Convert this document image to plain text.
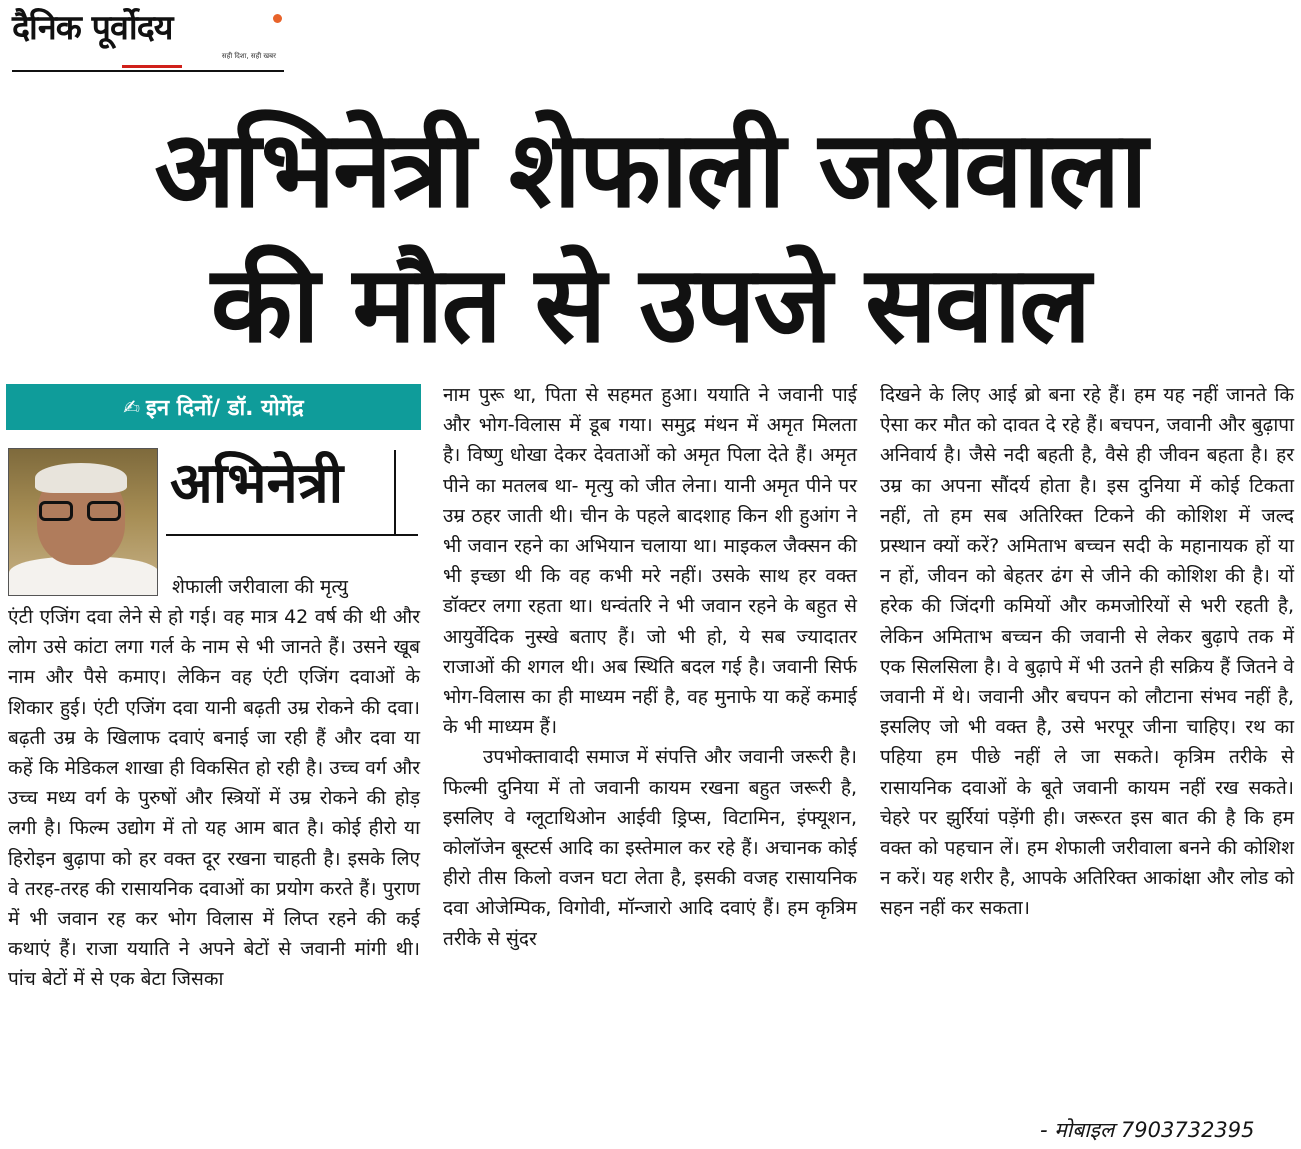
दैनिक पूर्वोदय
सही दिशा, सही खबर
अभिनेत्री शेफाली जरीवाला
की मौत से उपजे सवाल
✍ इन दिनों/ डॉ. योगेंद्र
अभिनेत्री

शेफाली जरीवाला की मृत्यु

एंटी एजिंग दवा लेने से हो गई। वह मात्र 42 वर्ष की थी और लोग उसे कांटा लगा गर्ल के नाम से भी जानते हैं। उसने खूब नाम और पैसे कमाए। लेकिन वह एंटी एजिंग दवाओं के शिकार हुई। एंटी एजिंग दवा यानी बढ़ती उम्र रोकने की दवा। बढ़ती उम्र के खिलाफ दवाएं बनाई जा रही हैं और दवा या कहें कि मेडिकल शाखा ही विकसित हो रही है। उच्च वर्ग और उच्च मध्य वर्ग के पुरुषों और स्त्रियों में उम्र रोकने की होड़ लगी है। फिल्म उद्योग में तो यह आम बात है। कोई हीरो या हिरोइन बुढ़ापा को हर वक्त दूर रखना चाहती है। इसके लिए वे तरह-तरह की रासायनिक दवाओं का प्रयोग करते हैं। पुराण में भी जवान रह कर भोग विलास में लिप्त रहने की कई कथाएं हैं। राजा ययाति ने अपने बेटों से जवानी मांगी थी। पांच बेटों में से एक बेटा जिसका

नाम पुरू था, पिता से सहमत हुआ। ययाति ने जवानी पाई और भोग-विलास में डूब गया। समुद्र मंथन में अमृत मिलता है। विष्णु धोखा देकर देवताओं को अमृत पिला देते हैं। अमृत पीने का मतलब था- मृत्यु को जीत लेना। यानी अमृत पीने पर उम्र ठहर जाती थी। चीन के पहले बादशाह किन शी हुआंग ने भी जवान रहने का अभियान चलाया था। माइकल जैक्सन की भी इच्छा थी कि वह कभी मरे नहीं। उसके साथ हर वक्त डॉक्टर लगा रहता था। धन्वंतरि ने भी जवान रहने के बहुत से आयुर्वेदिक नुस्खे बताए हैं। जो भी हो, ये सब ज्यादातर राजाओं की शगल थी। अब स्थिति बदल गई है। जवानी सिर्फ भोग-विलास का ही माध्यम नहीं है, वह मुनाफे या कहें कमाई के भी माध्यम हैं।

उपभोक्तावादी समाज में संपत्ति और जवानी जरूरी है। फिल्मी दुनिया में तो जवानी कायम रखना बहुत जरूरी है, इसलिए वे ग्लूटाथिओन आईवी ड्रिप्स, विटामिन, इंफ्यूशन, कोलॉजेन बूस्टर्स आदि का इस्तेमाल कर रहे हैं। अचानक कोई हीरो तीस किलो वजन घटा लेता है, इसकी वजह रासायनिक दवा ओजेम्पिक, विगोवी, मॉन्जारो आदि दवाएं हैं। हम कृत्रिम तरीके से सुंदर

दिखने के लिए आई ब्रो बना रहे हैं। हम यह नहीं जानते कि ऐसा कर मौत को दावत दे रहे हैं। बचपन, जवानी और बुढ़ापा अनिवार्य है। जैसे नदी बहती है, वैसे ही जीवन बहता है। हर उम्र का अपना सौंदर्य होता है। इस दुनिया में कोई टिकता नहीं, तो हम सब अतिरिक्त टिकने की कोशिश में जल्द प्रस्थान क्यों करें? अमिताभ बच्चन सदी के महानायक हों या न हों, जीवन को बेहतर ढंग से जीने की कोशिश की है। यों हरेक की जिंदगी कमियों और कमजोरियों से भरी रहती है, लेकिन अमिताभ बच्चन की जवानी से लेकर बुढ़ापे तक में एक सिलसिला है। वे बुढ़ापे में भी उतने ही सक्रिय हैं जितने वे जवानी में थे। जवानी और बचपन को लौटाना संभव नहीं है, इसलिए जो भी वक्त है, उसे भरपूर जीना चाहिए। रथ का पहिया हम पीछे नहीं ले जा सकते। कृत्रिम तरीके से रासायनिक दवाओं के बूते जवानी कायम नहीं रख सकते। चेहरे पर झुर्रियां पड़ेंगी ही। जरूरत इस बात की है कि हम वक्त को पहचान लें। हम शेफाली जरीवाला बनने की कोशिश न करें। यह शरीर है, आपके अतिरिक्त आकांक्षा और लोड को सहन नहीं कर सकता।

- मोबाइल 7903732395
